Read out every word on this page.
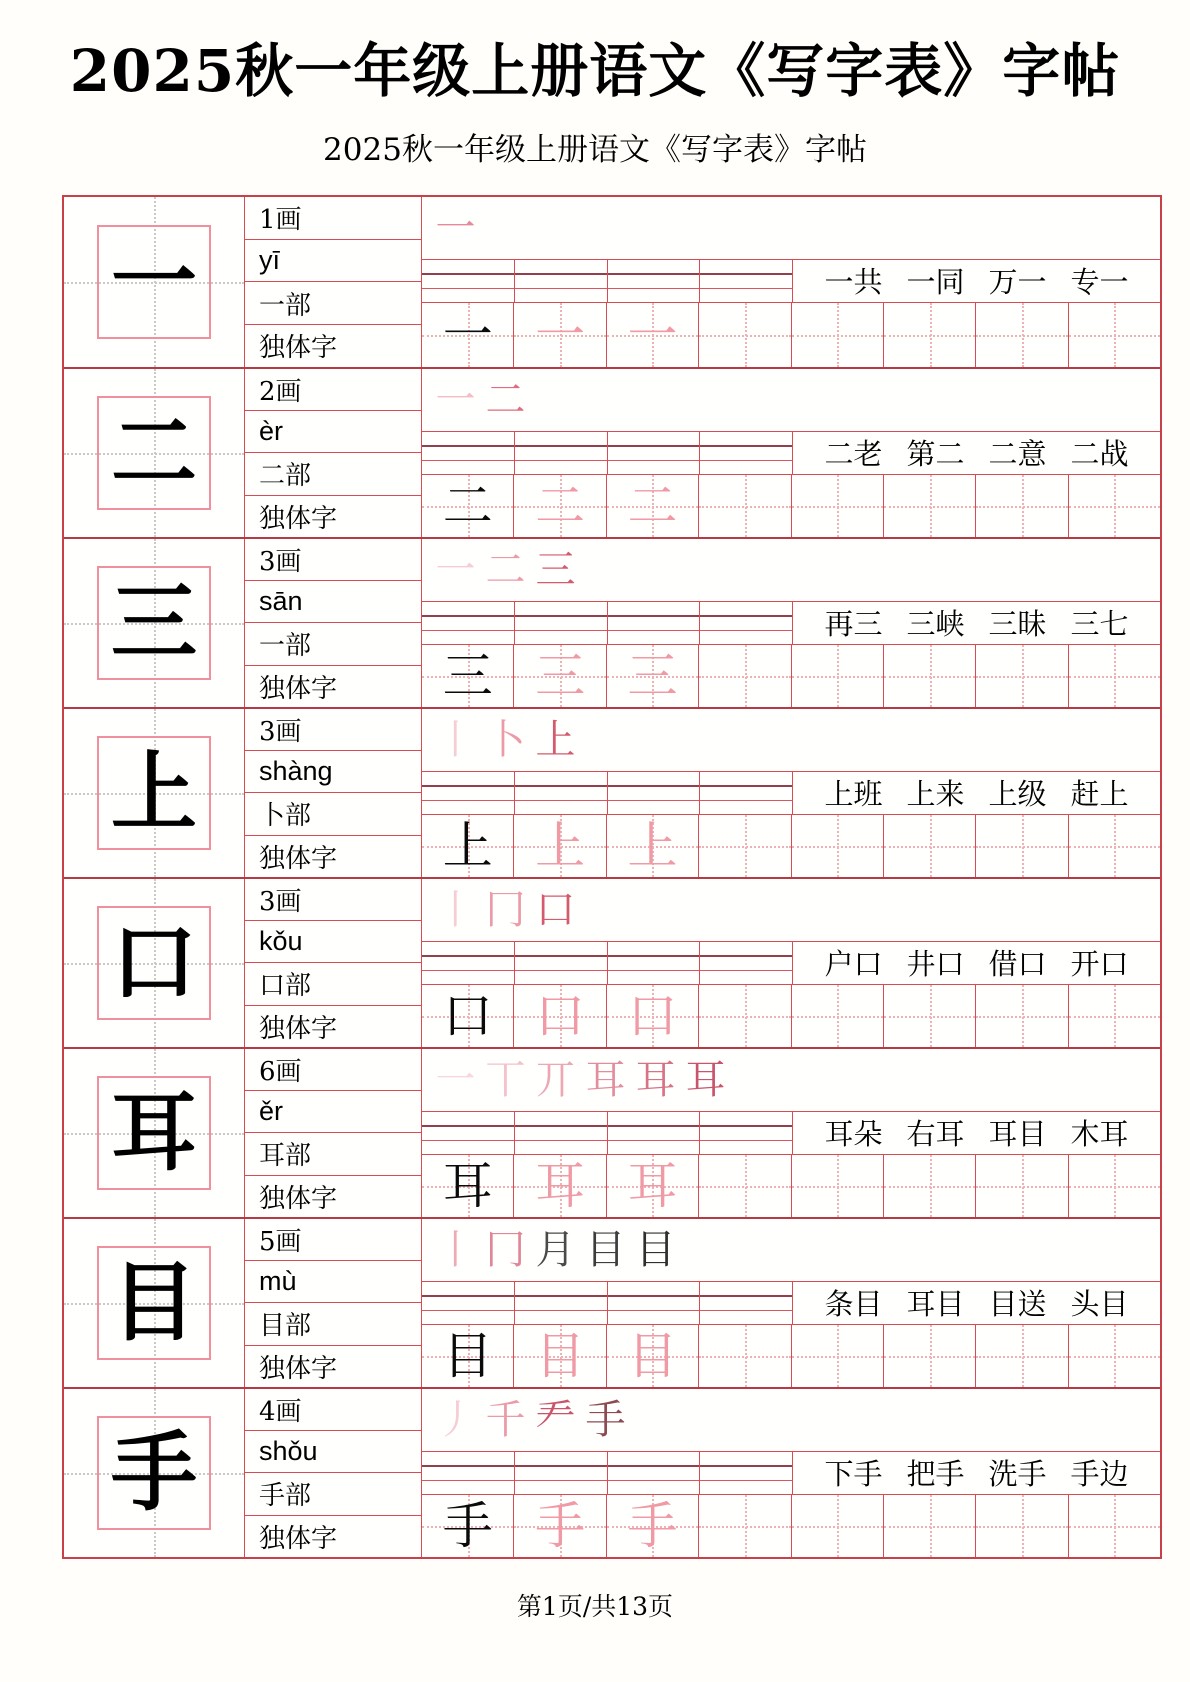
2025秋一年级上册语文《写字表》字帖
2025秋一年级上册语文《写字表》字帖
一
1画
yī
一部
独体字
一
一共 一同 万一 专一
一 一 一
二
2画
èr
二部
独体字
一 二
二老 第二 二意 二战
二 二 二
三
3画
sān
一部
独体字
一 二 三
再三 三峡 三昧 三七
三 三 三
上
3画
shàng
卜部
独体字
丨 卜 上
上班 上来 上级 赶上
上 上 上
口
3画
kǒu
口部
独体字
丨 冂 口
户口 井口 借口 开口
口 口 口
耳
6画
ěr
耳部
独体字
一 丅 丌 耳 耳 耳
耳朵 右耳 耳目 木耳
耳 耳 耳
目
5画
mù
目部
独体字
丨 冂 月 目 目
条目 耳目 目送 头目
目 目 目
手
4画
shǒu
手部
独体字
丿 千 龵 手
下手 把手 洗手 手边
手 手 手
第1页/共13页
